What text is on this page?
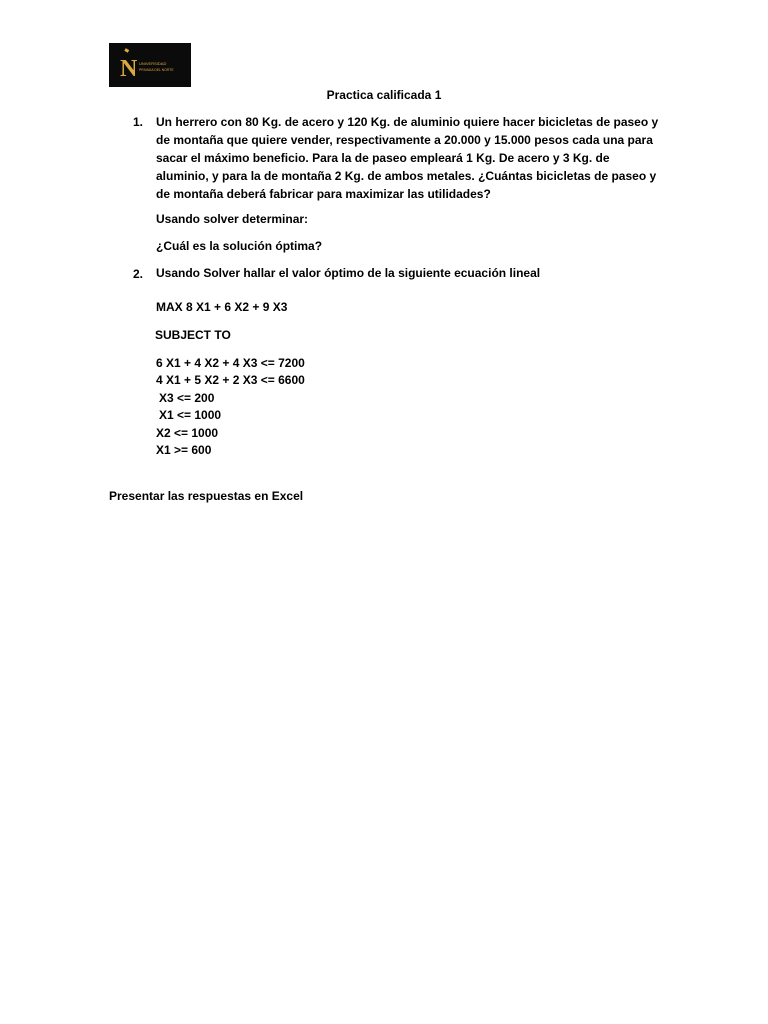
N UNIVERSIDAD
PRIVADA DEL NORTE
Practica calificada 1
1. Un herrero con 80 Kg. de acero y 120 Kg. de aluminio quiere hacer bicicletas de paseo y de montaña que quiere vender, respectivamente a 20.000 y 15.000 pesos cada una para sacar el máximo beneficio. Para la de paseo empleará 1 Kg. De acero y 3 Kg. de aluminio, y para la de montaña 2 Kg. de ambos metales. ¿Cuántas bicicletas de paseo y de montaña deberá fabricar para maximizar las utilidades?
Usando solver determinar:
¿Cuál es la solución óptima?
2. Usando Solver hallar el valor óptimo de la siguiente ecuación lineal
MAX 8 X1 + 6 X2 + 9 X3
SUBJECT TO
6 X1 + 4 X2 + 4 X3 <= 7200
4 X1 + 5 X2 + 2 X3 <= 6600
X3 <= 200
X1 <= 1000
X2 <= 1000
X1 >= 600
Presentar las respuestas en Excel
